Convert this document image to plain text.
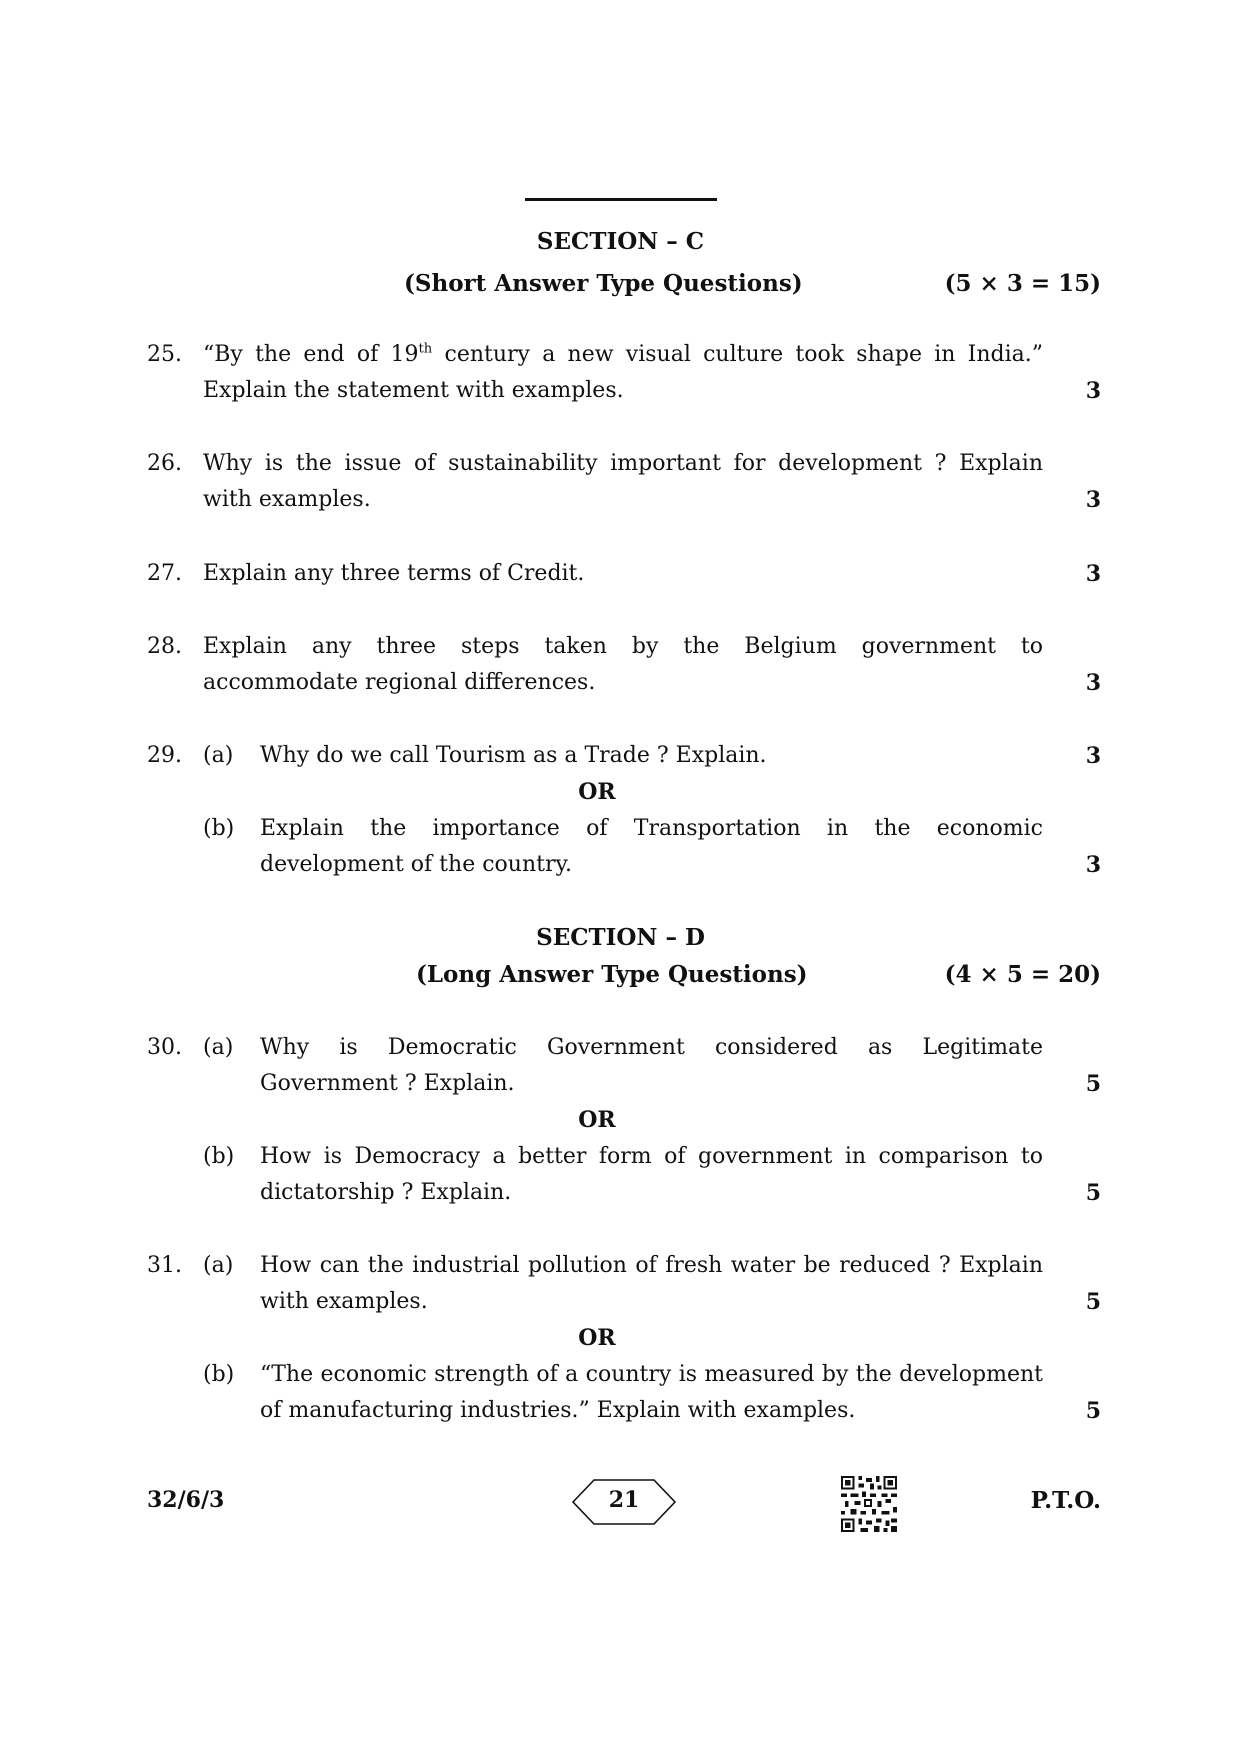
SECTION – C
(Short Answer Type Questions)	(5 × 3 = 15)
25. “By the end of 19th century a new visual culture took shape in India.”
Explain the statement with examples.	3
26. Why is the issue of sustainability important for development ? Explain
with examples.	3
27. Explain any three terms of Credit.	3
28. Explain any three steps taken by the Belgium government to
accommodate regional differences.	3
29. (a) Why do we call Tourism as a Trade ? Explain.	3
OR
(b) Explain the importance of Transportation in the economic
development of the country.	3
SECTION – D
(Long Answer Type Questions)	(4 × 5 = 20)
30. (a) Why is Democratic Government considered as Legitimate
Government ? Explain.	5
OR
(b) How is Democracy a better form of government in comparison to
dictatorship ? Explain.	5
31. (a) How can the industrial pollution of fresh water be reduced ? Explain
with examples.	5
OR
(b) “The economic strength of a country is measured by the development
of manufacturing industries.” Explain with examples.	5
32/6/3	21	P.T.O.
